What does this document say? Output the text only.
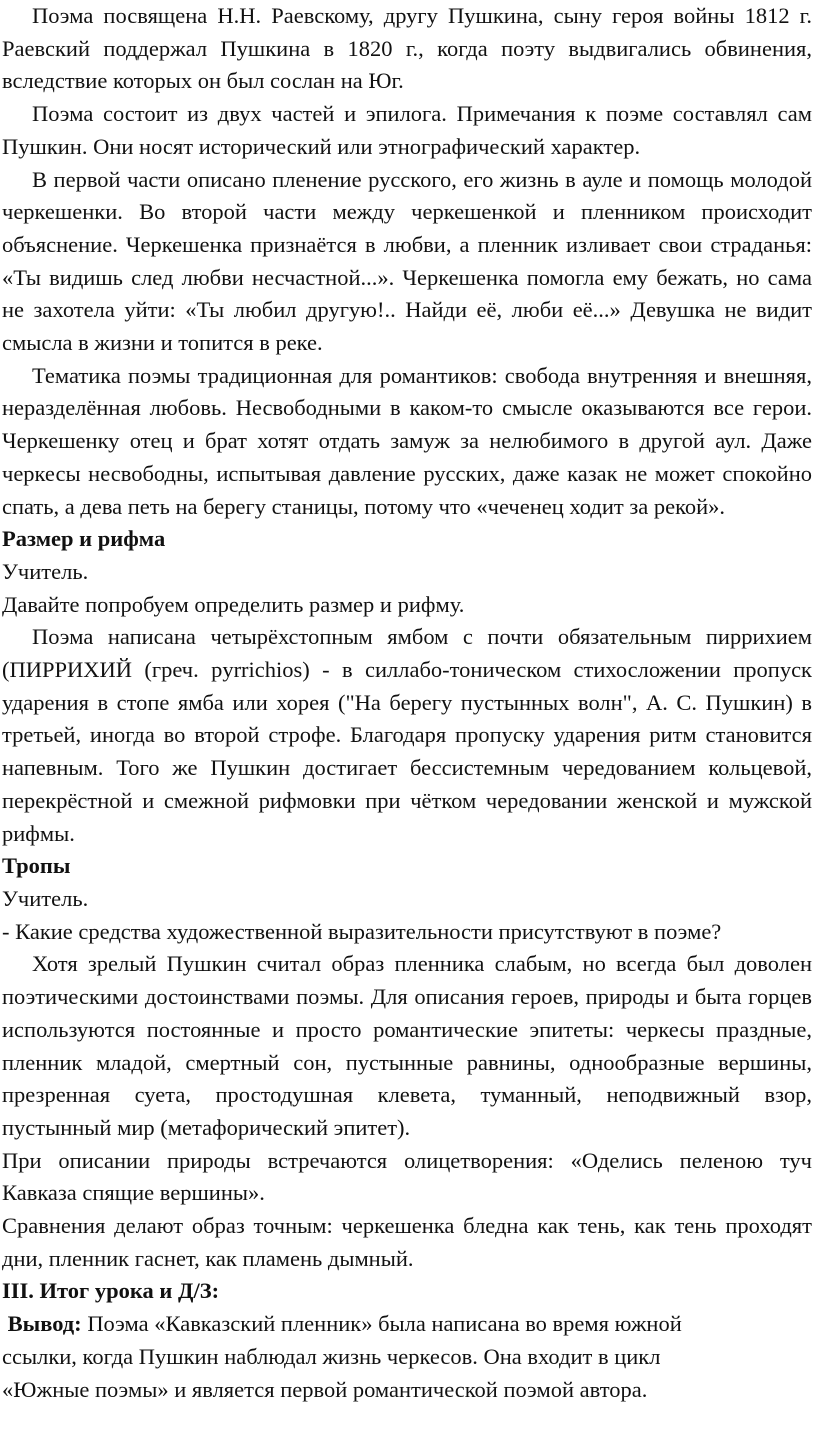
Поэма посвящена Н.Н. Раевскому, другу Пушкина, сыну героя войны 1812 г. Раевский поддержал Пушкина в 1820 г., когда поэту выдвигались обвинения, вследствие которых он был сослан на Юг.

Поэма состоит из двух частей и эпилога. Примечания к поэме составлял сам Пушкин. Они носят исторический или этнографический характер.

В первой части описано пленение русского, его жизнь в ауле и помощь молодой черкешенки. Во второй части между черкешенкой и пленником происходит объяснение. Черкешенка признаётся в любви, а пленник изливает свои страданья: «Ты видишь след любви несчастной...». Черкешенка помогла ему бежать, но сама не захотела уйти: «Ты любил другую!.. Найди её, люби её...» Девушка не видит смысла в жизни и топится в реке.

Тематика поэмы традиционная для романтиков: свобода внутренняя и внешняя, неразделённая любовь. Несвободными в каком-то смысле оказываются все герои. Черкешенку отец и брат хотят отдать замуж за нелюбимого в другой аул. Даже черкесы несвободны, испытывая давление русских, даже казак не может спокойно спать, а дева петь на берегу станицы, потому что «чеченец ходит за рекой».

Размер и рифма

Учитель.

Давайте попробуем определить размер и рифму.

Поэма написана четырёхстопным ямбом с почти обязательным пиррихием (ПИРРИХИЙ (греч. pyrrichios) - в силлабо-тоническом стихосложении пропуск ударения в стопе ямба или хорея ("На берегу пустынных волн", А. С. Пушкин) в третьей, иногда во второй строфе. Благодаря пропуску ударения ритм становится напевным. Того же Пушкин достигает бессистемным чередованием кольцевой, перекрёстной и смежной рифмовки при чётком чередовании женской и мужской рифмы.

Тропы

Учитель.

- Какие средства художественной выразительности присутствуют в поэме?

Хотя зрелый Пушкин считал образ пленника слабым, но всегда был доволен поэтическими достоинствами поэмы. Для описания героев, природы и быта горцев используются постоянные и просто романтические эпитеты: черкесы праздные, пленник младой, смертный сон, пустынные равнины, однообразные вершины, презренная суета, простодушная клевета, туманный, неподвижный взор, пустынный мир (метафорический эпитет).

При описании природы встречаются олицетворения: «Оделись пеленою туч Кавказа спящие вершины».

Сравнения делают образ точным: черкешенка бледна как тень, как тень проходят дни, пленник гаснет, как пламень дымный.

III. Итог урока и Д/З:

Вывод: Поэма «Кавказский пленник» была написана во время южной

ссылки, когда Пушкин наблюдал жизнь черкесов. Она входит в цикл

«Южные поэмы» и является первой романтической поэмой автора.
